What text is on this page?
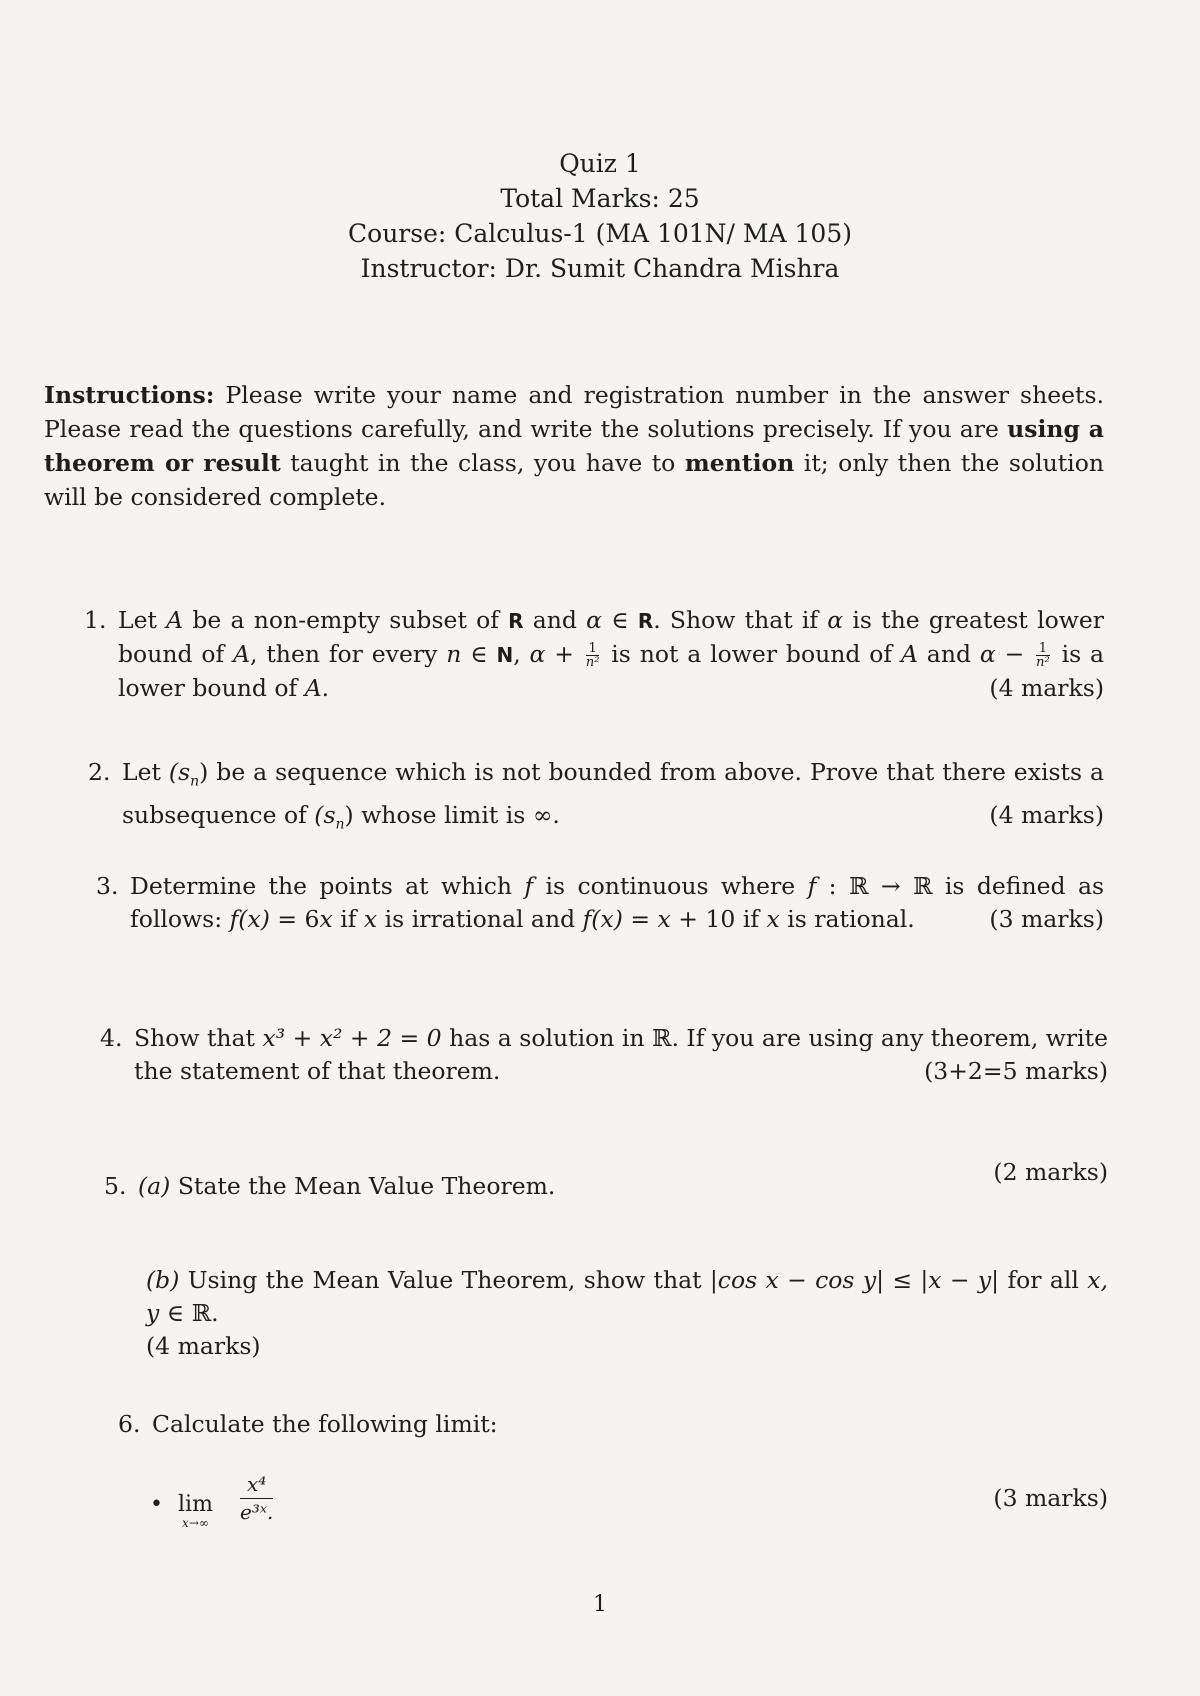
Quiz 1
Total Marks: 25
Course: Calculus-1 (MA 101N/ MA 105)
Instructor: Dr. Sumit Chandra Mishra
Instructions: Please write your name and registration number in the answer sheets. Please read the questions carefully, and write the solutions precisely. If you are using a theorem or result taught in the class, you have to mention it; only then the solution will be considered complete.
1. Let A be a non-empty subset of R and α ∈ R. Show that if α is the greatest lower bound of A, then for every n ∈ N, $\alpha + \frac{1}{\text{n²}}$ is not a lower bound of A and $\alpha - \frac{1}{\text{n²}}$ is a lower bound of A.	(4 marks)
2. Let $(s_n)$ be a sequence which is not bounded from above. Prove that there exists a subsequence of $(s_n)$ whose limit is ∞.	(4 marks)
3. Determine the points at which f is continuous where f : ℝ → ℝ is defined as follows: f(x) = 6x if x is irrational and f(x) = x + 10 if x is rational.	(3 marks)
4. Show that x³ + x² + 2 = 0 has a solution in ℝ. If you are using any theorem, write the statement of that theorem.	(3+2=5 marks)
5. (a) State the Mean Value Theorem.	(2 marks)
(b) Using the Mean Value Theorem, show that |cos x − cos y| ≤ |x − y| for all x, y ∈ ℝ.
(4 marks)
6. Calculate the following limit:
• lim
$x\to\infty \frac{\text{x⁴}}{\text{e³ˣ.}}$	(3 marks)
1
